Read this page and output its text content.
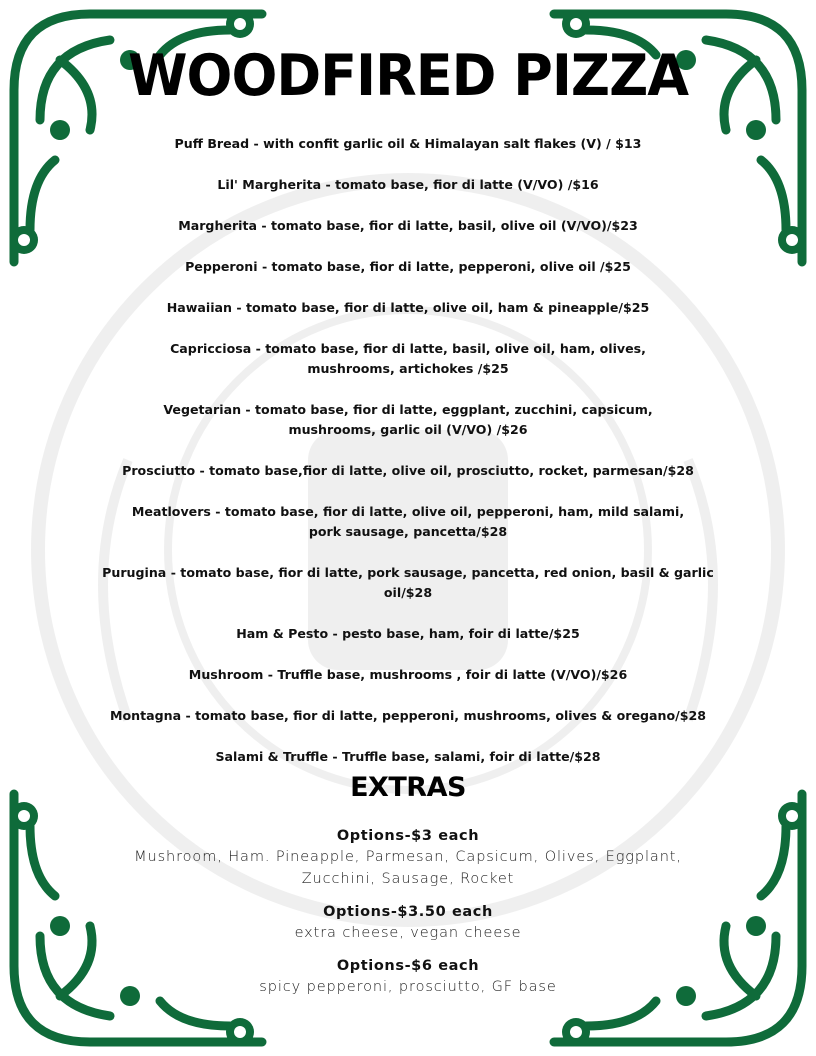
WOODFIRED PIZZA
Puff Bread - with confit garlic oil & Himalayan salt flakes (V) / $13
Lil' Margherita - tomato base, fior di latte (V/VO) /$16
Margherita - tomato base, fior di latte, basil, olive oil (V/VO)/$23
Pepperoni - tomato base, fior di latte, pepperoni, olive oil /$25
Hawaiian - tomato base, fior di latte, olive oil, ham & pineapple/$25
Capricciosa - tomato base, fior di latte, basil, olive oil, ham, olives,
mushrooms, artichokes /$25
Vegetarian - tomato base, fior di latte, eggplant, zucchini, capsicum,
mushrooms, garlic oil (V/VO) /$26
Prosciutto - tomato base,fior di latte, olive oil, prosciutto, rocket, parmesan/$28
Meatlovers - tomato base, fior di latte, olive oil, pepperoni, ham, mild salami,
pork sausage, pancetta/$28
Purugina - tomato base, fior di latte, pork sausage, pancetta, red onion, basil & garlic oil/$28
Ham & Pesto - pesto base, ham, foir di latte/$25
Mushroom - Truffle base, mushrooms , foir di latte (V/VO)/$26
Montagna - tomato base, fior di latte, pepperoni, mushrooms, olives & oregano/$28
Salami & Truffle - Truffle base, salami, foir di latte/$28
EXTRAS
Options-$3 each
Mushroom, Ham. Pineapple, Parmesan, Capsicum, Olives, Eggplant,
Zucchini, Sausage, Rocket
Options-$3.50 each
extra cheese, vegan cheese
Options-$6 each
spicy pepperoni, prosciutto, GF base
